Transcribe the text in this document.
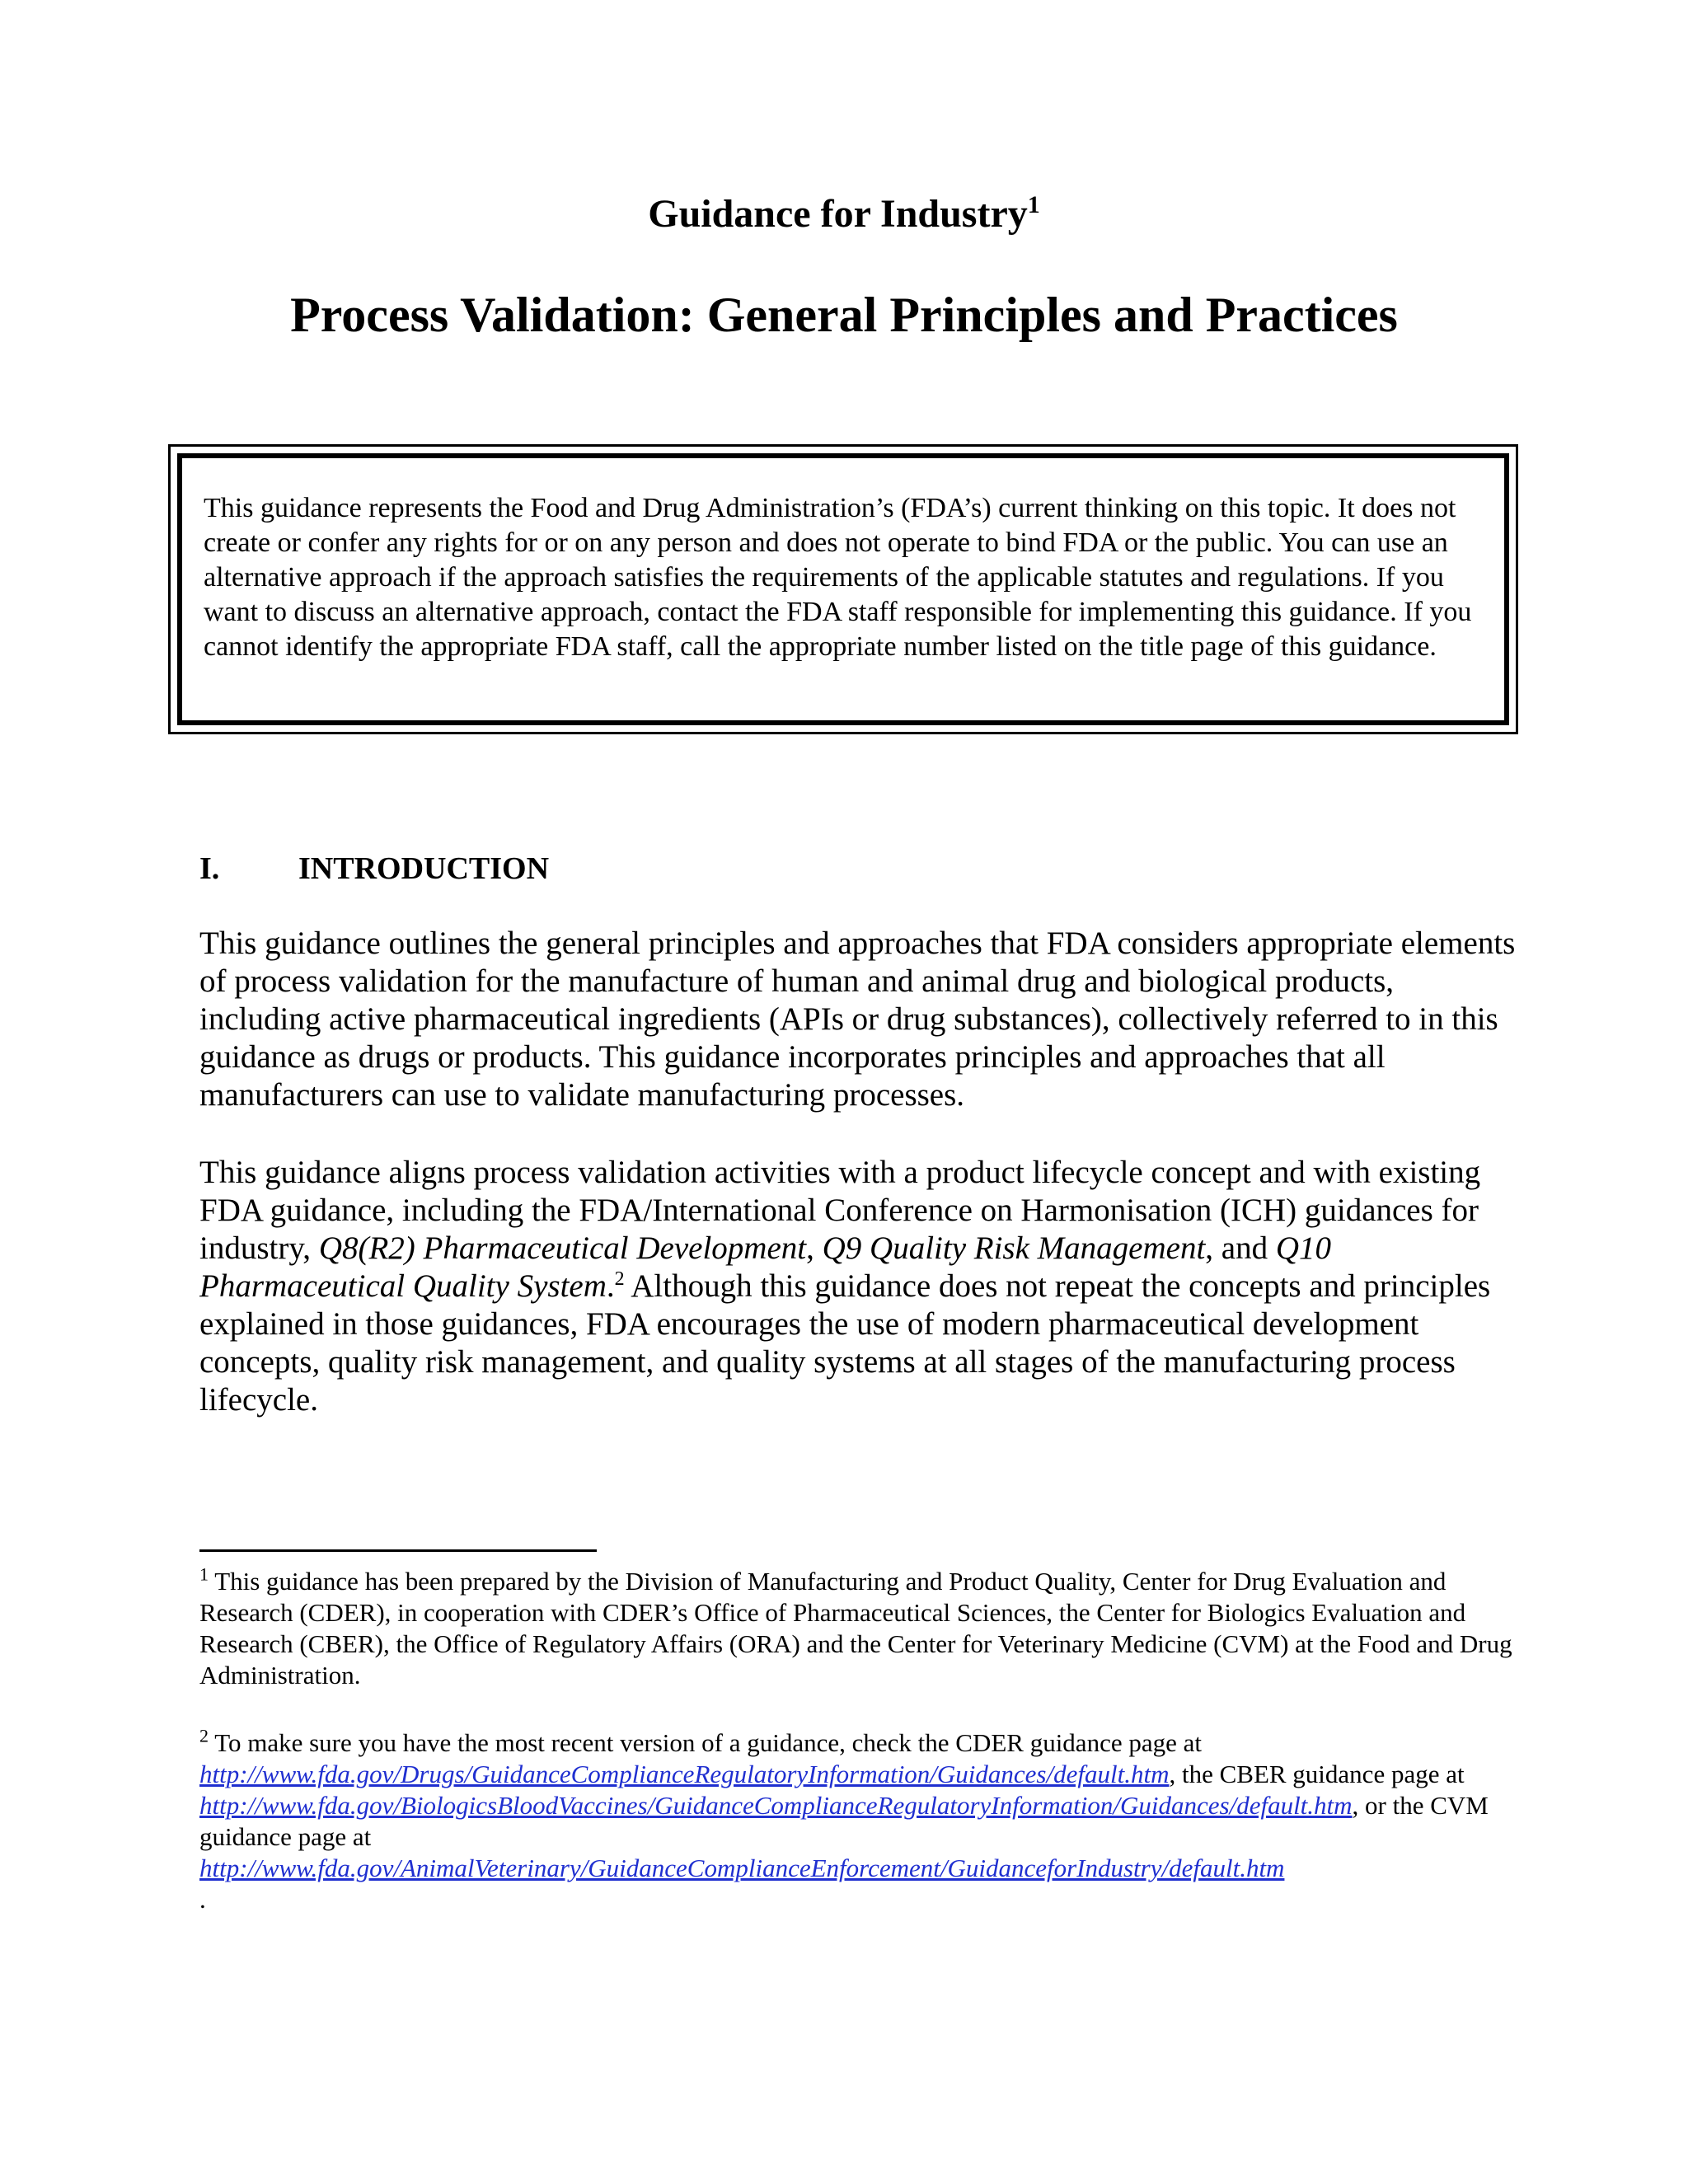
Guidance for Industry$^1$
Process Validation: General Principles and Practices
This guidance represents the Food and Drug Administration’s (FDA’s) current thinking on this topic. It does not create or confer any rights for or on any person and does not operate to bind FDA or the public. You can use an alternative approach if the approach satisfies the requirements of the applicable statutes and regulations. If you want to discuss an alternative approach, contact the FDA staff responsible for implementing this guidance. If you cannot identify the appropriate FDA staff, call the appropriate number listed on the title page of this guidance.
I.	INTRODUCTION
This guidance outlines the general principles and approaches that FDA considers appropriate elements of process validation for the manufacture of human and animal drug and biological products, including active pharmaceutical ingredients (APIs or drug substances), collectively referred to in this guidance as drugs or products. This guidance incorporates principles and approaches that all manufacturers can use to validate manufacturing processes.
This guidance aligns process validation activities with a product lifecycle concept and with existing FDA guidance, including the FDA/International Conference on Harmonisation (ICH) guidances for industry, Q8(R2) Pharmaceutical Development, Q9 Quality Risk Management, and Q10 Pharmaceutical Quality System.$^2$ Although this guidance does not repeat the concepts and principles explained in those guidances, FDA encourages the use of modern pharmaceutical development concepts, quality risk management, and quality systems at all stages of the manufacturing process lifecycle.
$^1$ This guidance has been prepared by the Division of Manufacturing and Product Quality, Center for Drug Evaluation and Research (CDER), in cooperation with CDER’s Office of Pharmaceutical Sciences, the Center for Biologics Evaluation and Research (CBER), the Office of Regulatory Affairs (ORA) and the Center for Veterinary Medicine (CVM) at the Food and Drug Administration.
$^2$ To make sure you have the most recent version of a guidance, check the CDER guidance page at
http://www.fda.gov/Drugs/GuidanceComplianceRegulatoryInformation/Guidances/default.htm, the CBER guidance page at
http://www.fda.gov/BiologicsBloodVaccines/GuidanceComplianceRegulatoryInformation/Guidances/default.htm, or the CVM guidance page at
http://www.fda.gov/AnimalVeterinary/GuidanceComplianceEnforcement/GuidanceforIndustry/default.htm
.
